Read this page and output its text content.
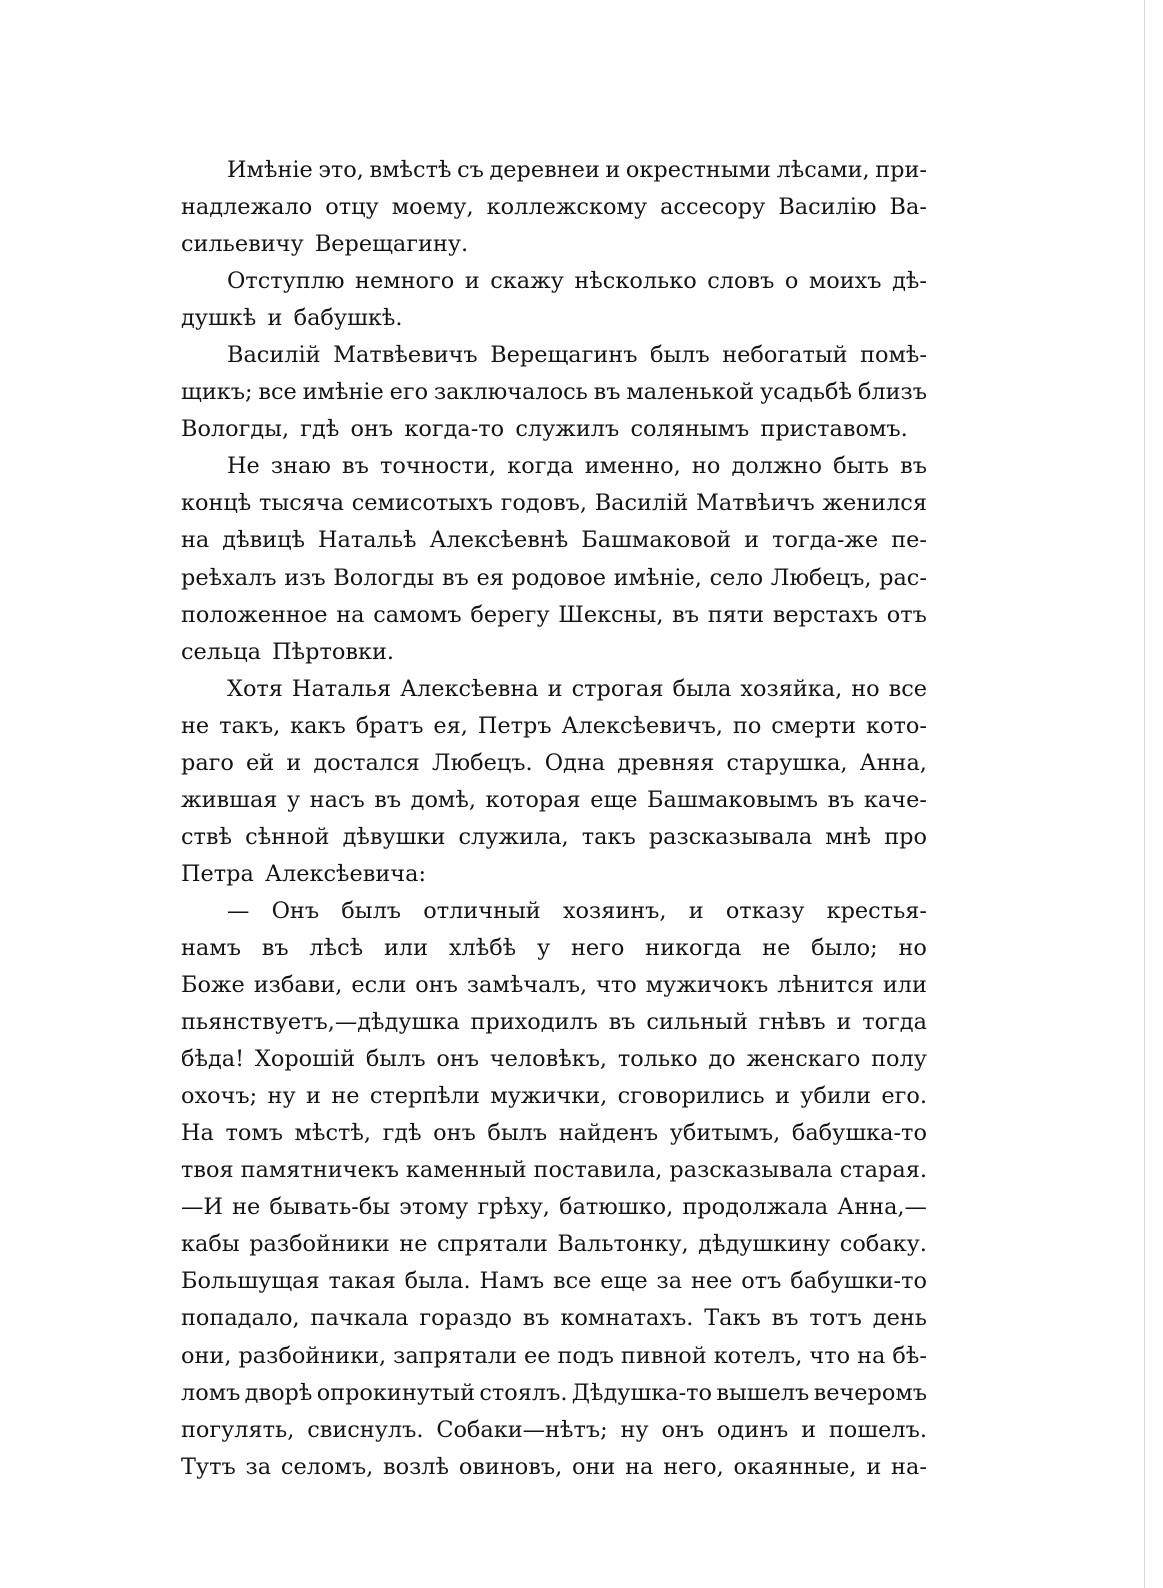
Имѣніе это, вмѣстѣ съ деревнеи и окрестными лѣсами, при-
надлежало отцу моему, коллежскому ассесору Василію Ва-
сильевичу Верещагину.
Отступлю немного и скажу нѣсколько словъ о моихъ дѣ-
душкѣ и бабушкѣ.
Василій Матвѣевичъ Верещагинъ былъ небогатый помѣ-
щикъ; все имѣніе его заключалось въ маленькой усадьбѣ близъ
Вологды, гдѣ онъ когда-то служилъ солянымъ приставомъ.
Не знаю въ точности, когда именно, но должно быть въ
концѣ тысяча семисотыхъ годовъ, Василій Матвѣичъ женился
на дѣвицѣ Натальѣ Алексѣевнѣ Башмаковой и тогда-же пе-
реѣхалъ изъ Вологды въ ея родовое имѣніе, село Любецъ, рас-
положенное на самомъ берегу Шексны, въ пяти верстахъ отъ
сельца Пѣртовки.
Хотя Наталья Алексѣевна и строгая была хозяйка, но все
не такъ, какъ братъ ея, Петръ Алексѣевичъ, по смерти кото-
раго ей и достался Любецъ. Одна древняя старушка, Анна,
жившая у насъ въ домѣ, которая еще Башмаковымъ въ каче-
ствѣ сѣнной дѣвушки служила, такъ разсказывала мнѣ про
Петра Алексѣевича:
— Онъ былъ отличный хозяинъ, и отказу крестья-
намъ въ лѣсѣ или хлѣбѣ у него никогда не было; но
Боже избави, если онъ замѣчалъ, что мужичокъ лѣнится или
пьянствуетъ,—дѣдушка приходилъ въ сильный гнѣвъ и тогда
бѣда! Хорошій былъ онъ человѣкъ, только до женскаго полу
охочъ; ну и не стерпѣли мужички, сговорились и убили его.
На томъ мѣстѣ, гдѣ онъ былъ найденъ убитымъ, бабушка-то
твоя памятничекъ каменный поставила, разсказывала старая.
—И не бывать-бы этому грѣху, батюшко, продолжала Анна,—
кабы разбойники не спрятали Вальтонку, дѣдушкину собаку.
Большущая такая была. Намъ все еще за нее отъ бабушки-то
попадало, пачкала гораздо въ комнатахъ. Такъ въ тотъ день
они, разбойники, запрятали ее подъ пивной котелъ, что на бѣ-
ломъ дворѣ опрокинутый стоялъ. Дѣдушка-то вышелъ вечеромъ
погулять, свиснулъ. Собаки—нѣтъ; ну онъ одинъ и пошелъ.
Тутъ за селомъ, возлѣ овиновъ, они на него, окаянные, и на-
